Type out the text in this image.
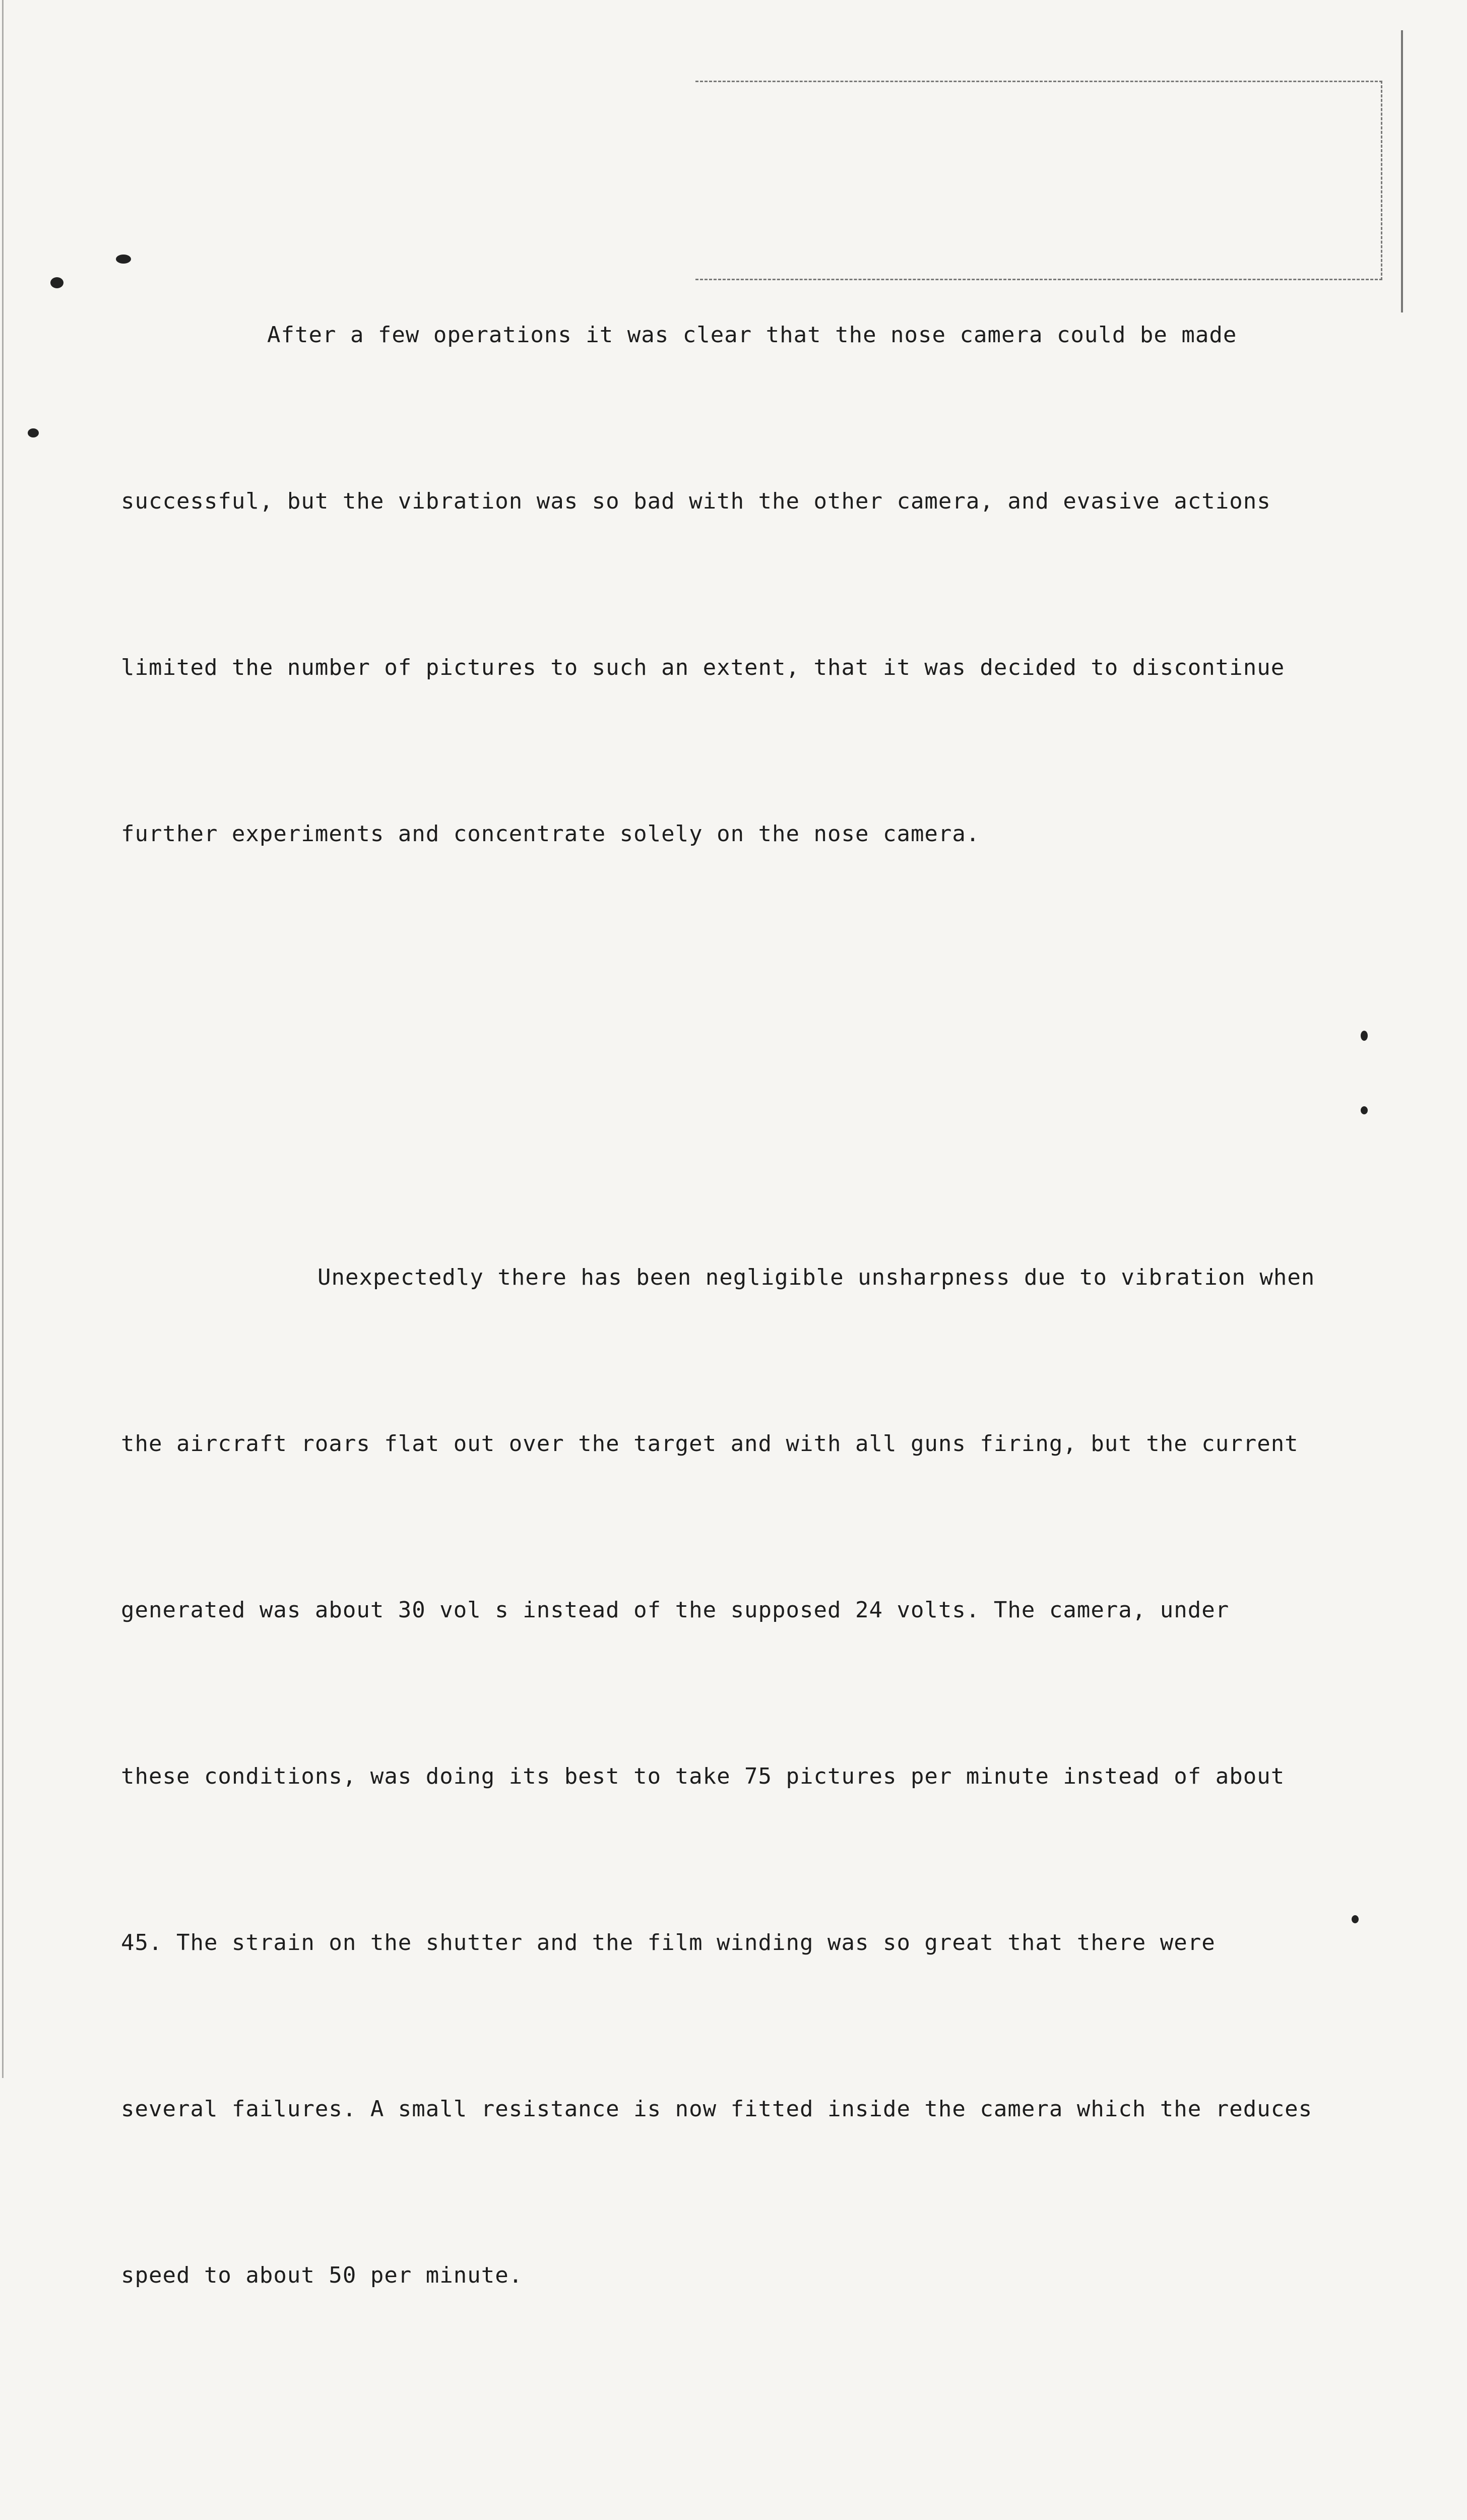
After a few operations it was clear that the nose camera could be made

successful, but the vibration was so bad with the other camera, and evasive actions

limited the number of pictures to such an extent, that it was decided to discontinue

further experiments and concentrate solely on the nose camera.

Unexpectedly there has been negligible unsharpness due to vibration when

the aircraft roars flat out over the target and with all guns firing, but the current

generated was about 30 vol s instead of the supposed 24 volts. The camera, under

these conditions, was doing its best to take 75 pictures per minute instead of about

45. The strain on the shutter and the film winding was so great that there were

several failures. A small resistance is now fitted inside the camera which the reduces

speed to about 50 per minute.
